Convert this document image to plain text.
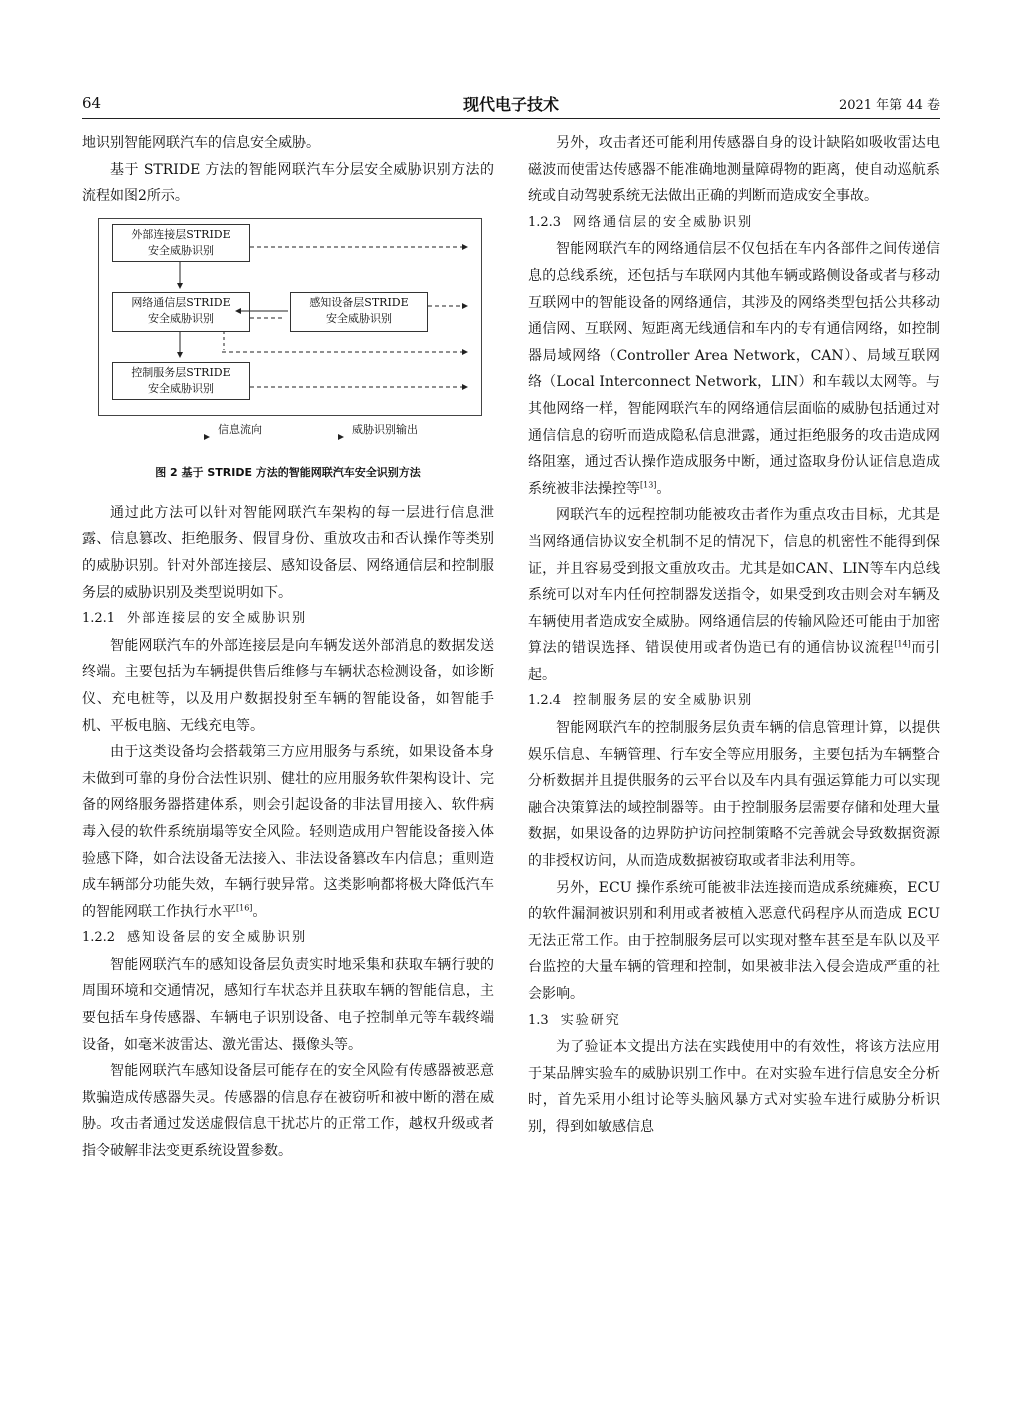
64	现代电子技术	2021 年第 44 卷

地识别智能网联汽车的信息安全威胁。

基于 STRIDE 方法的智能网联汽车分层安全威胁识别方法的流程如图2所示。

外部连接层STRIDE
安全威胁识别
网络通信层STRIDE
安全威胁识别
感知设备层STRIDE
安全威胁识别
控制服务层STRIDE
安全威胁识别
信息流向	威胁识别输出
图 2 基于 STRIDE 方法的智能网联汽车安全识别方法

通过此方法可以针对智能网联汽车架构的每一层进行信息泄露、信息篡改、拒绝服务、假冒身份、重放攻击和否认操作等类别的威胁识别。针对外部连接层、感知设备层、网络通信层和控制服务层的威胁识别及类型说明如下。

1.2.1 外部连接层的安全威胁识别

智能网联汽车的外部连接层是向车辆发送外部消息的数据发送终端。主要包括为车辆提供售后维修与车辆状态检测设备，如诊断仪、充电桩等，以及用户数据投射至车辆的智能设备，如智能手机、平板电脑、无线充电等。

由于这类设备均会搭载第三方应用服务与系统，如果设备本身未做到可靠的身份合法性识别、健壮的应用服务软件架构设计、完备的网络服务器搭建体系，则会引起设备的非法冒用接入、软件病毒入侵的软件系统崩塌等安全风险。轻则造成用户智能设备接入体验感下降，如合法设备无法接入、非法设备篡改车内信息；重则造成车辆部分功能失效，车辆行驶异常。这类影响都将极大降低汽车的智能网联工作执行水平[16]。

1.2.2 感知设备层的安全威胁识别

智能网联汽车的感知设备层负责实时地采集和获取车辆行驶的周围环境和交通情况，感知行车状态并且获取车辆的智能信息，主要包括车身传感器、车辆电子识别设备、电子控制单元等车载终端设备，如毫米波雷达、激光雷达、摄像头等。

智能网联汽车感知设备层可能存在的安全风险有传感器被恶意欺骗造成传感器失灵。传感器的信息存在被窃听和被中断的潜在威胁。攻击者通过发送虚假信息干扰芯片的正常工作，越权升级或者指令破解非法变更系统设置参数。

另外，攻击者还可能利用传感器自身的设计缺陷如吸收雷达电磁波而使雷达传感器不能准确地测量障碍物的距离，使自动巡航系统或自动驾驶系统无法做出正确的判断而造成安全事故。

1.2.3 网络通信层的安全威胁识别

智能网联汽车的网络通信层不仅包括在车内各部件之间传递信息的总线系统，还包括与车联网内其他车辆或路侧设备或者与移动互联网中的智能设备的网络通信，其涉及的网络类型包括公共移动通信网、互联网、短距离无线通信和车内的专有通信网络，如控制器局域网络（Controller Area Network，CAN）、局域互联网络（Local Interconnect Network，LIN）和车载以太网等。与其他网络一样，智能网联汽车的网络通信层面临的威胁包括通过对通信信息的窃听而造成隐私信息泄露，通过拒绝服务的攻击造成网络阻塞，通过否认操作造成服务中断，通过盗取身份认证信息造成系统被非法操控等[13]。

网联汽车的远程控制功能被攻击者作为重点攻击目标，尤其是当网络通信协议安全机制不足的情况下，信息的机密性不能得到保证，并且容易受到报文重放攻击。尤其是如CAN、LIN等车内总线系统可以对车内任何控制器发送指令，如果受到攻击则会对车辆及车辆使用者造成安全威胁。网络通信层的传输风险还可能由于加密算法的错误选择、错误使用或者伪造已有的通信协议流程[14]而引起。

1.2.4 控制服务层的安全威胁识别

智能网联汽车的控制服务层负责车辆的信息管理计算，以提供娱乐信息、车辆管理、行车安全等应用服务，主要包括为车辆整合分析数据并且提供服务的云平台以及车内具有强运算能力可以实现融合决策算法的域控制器等。由于控制服务层需要存储和处理大量数据，如果设备的边界防护访问控制策略不完善就会导致数据资源的非授权访问，从而造成数据被窃取或者非法利用等。

另外，ECU 操作系统可能被非法连接而造成系统瘫痪，ECU 的软件漏洞被识别和利用或者被植入恶意代码程序从而造成 ECU 无法正常工作。由于控制服务层可以实现对整车甚至是车队以及平台监控的大量车辆的管理和控制，如果被非法入侵会造成严重的社会影响。

1.3 实验研究

为了验证本文提出方法在实践使用中的有效性，将该方法应用于某品牌实验车的威胁识别工作中。在对实验车进行信息安全分析时，首先采用小组讨论等头脑风暴方式对实验车进行威胁分析识别，得到如敏感信息
